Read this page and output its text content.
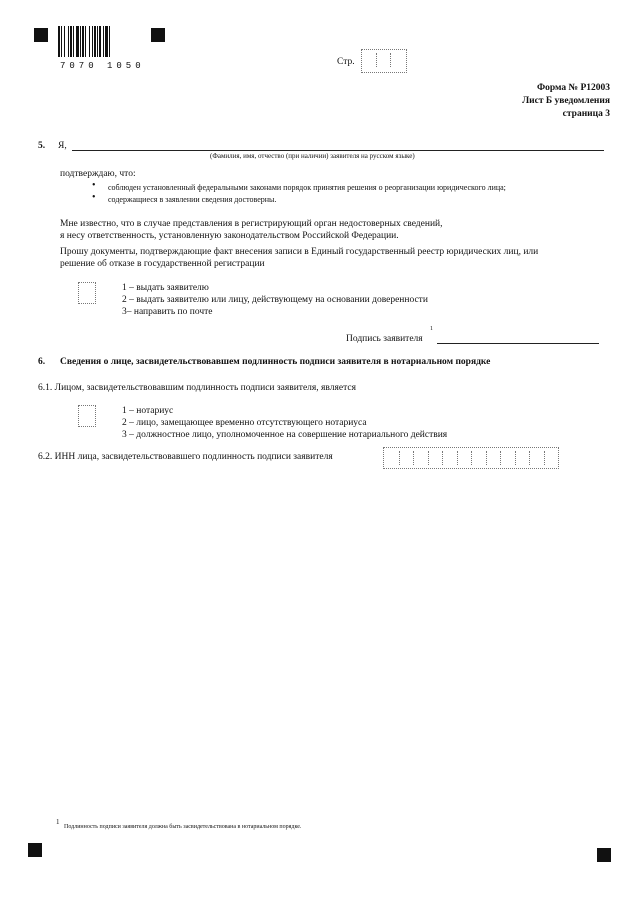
7070 1050	Стр.
Форма № Р12003
Лист Б уведомления
страница 3
5. Я,
(Фамилия, имя, отчество (при наличии) заявителя на русском языке)
подтверждаю, что:
• соблюден установленный федеральными законами порядок принятия решения о реорганизации юридического лица;
• содержащиеся в заявлении сведения достоверны.
Мне известно, что в случае представления в регистрирующий орган недостоверных сведений,
я несу ответственность, установленную законодательством Российской Федерации.
Прошу документы, подтверждающие факт внесения записи в Единый государственный реестр юридических лиц, или
решение об отказе в государственной регистрации
1 – выдать заявителю
2 – выдать заявителю или лицу, действующему на основании доверенности
3– направить по почте
Подпись заявителя
1
6. Сведения о лице, засвидетельствовавшем подлинность подписи заявителя в нотариальном порядке
6.1. Лицом, засвидетельствовавшим подлинность подписи заявителя, является
1 – нотариус
2 – лицо, замещающее временно отсутствующего нотариуса
3 – должностное лицо, уполномоченное на совершение нотариального действия
6.2. ИНН лица, засвидетельствовавшего подлинность подписи заявителя
1
Подлинность подписи заявителя должна быть засвидетельствована в нотариальном порядке.
